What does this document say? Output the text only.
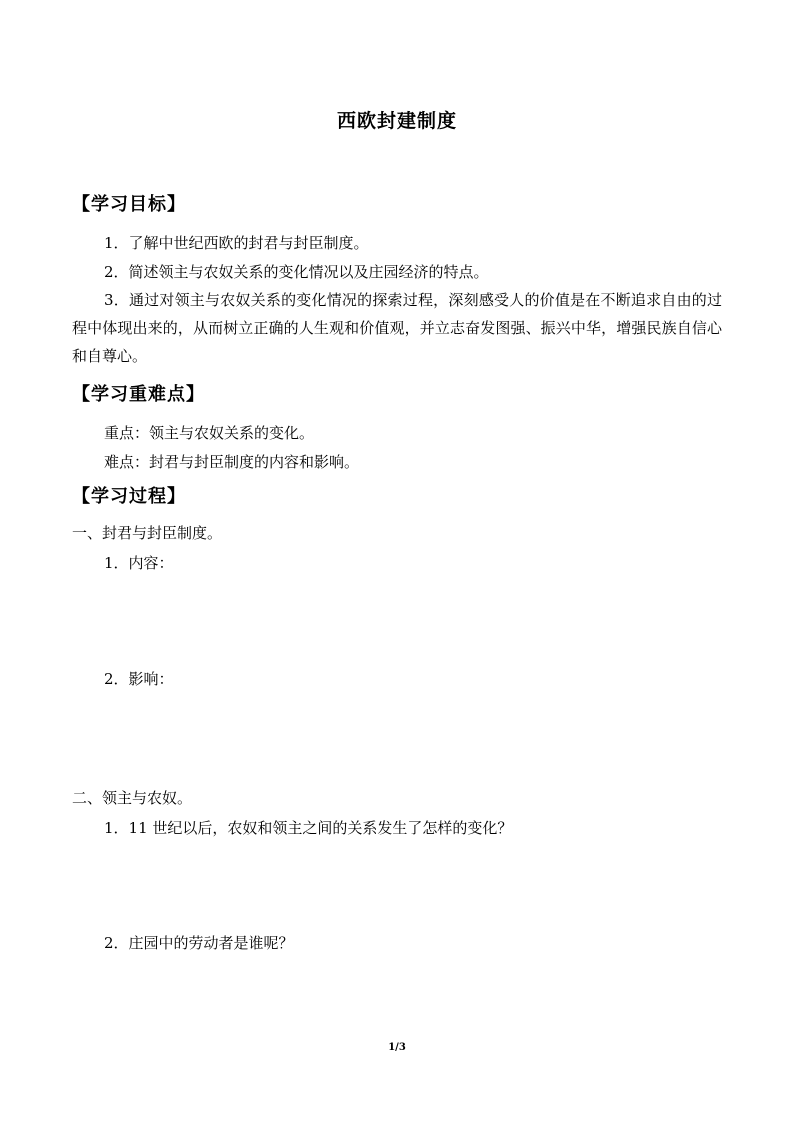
西欧封建制度
【学习目标】
1．了解中世纪西欧的封君与封臣制度。
2．简述领主与农奴关系的变化情况以及庄园经济的特点。
3．通过对领主与农奴关系的变化情况的探索过程，深刻感受人的价值是在不断追求自由的过程中体现出来的，从而树立正确的人生观和价值观，并立志奋发图强、振兴中华，增强民族自信心和自尊心。
【学习重难点】
重点：领主与农奴关系的变化。
难点：封君与封臣制度的内容和影响。
【学习过程】
一、封君与封臣制度。
1．内容：
2．影响：
二、领主与农奴。
1．11 世纪以后，农奴和领主之间的关系发生了怎样的变化？
2．庄园中的劳动者是谁呢？
1/3
